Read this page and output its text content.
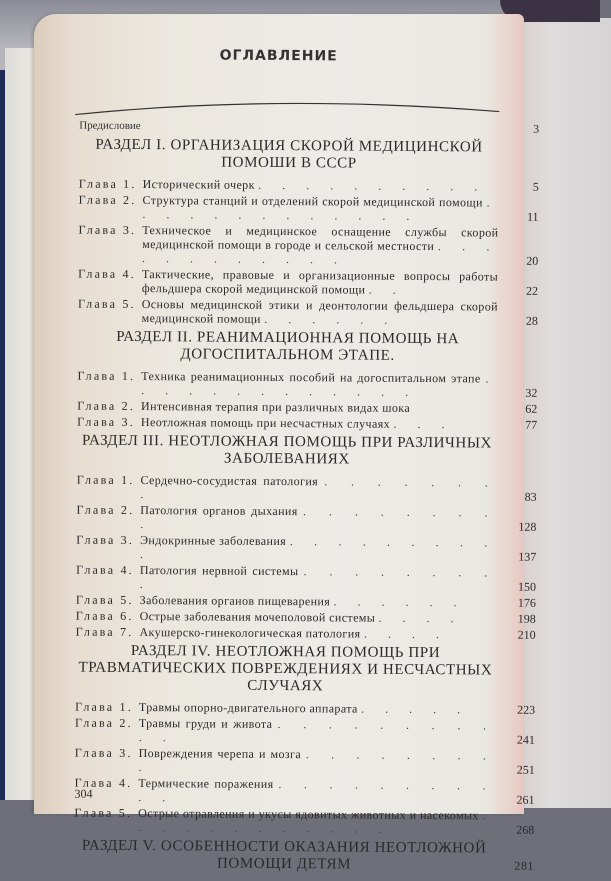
ОГЛАВЛЕНИЕ
Предисловие	3
РАЗДЕЛ I. ОРГАНИЗАЦИЯ СКОРОЙ МЕДИЦИНСКОЙ
ПОМОШИ В СССР
Глава 1. Исторический очерк . . . . . . . . . .	5
Глава 2. Структура станций и отделений скорой медицинской помощи . . . . . . . . . . . . .	11
Глава 3. Техническое и медицинское оснащение службы скорой медицинской помощи в городе и сельской местности . . . . . . . . . . . .	20
Глава 4. Тактические, правовые и организационные вопросы работы фельдшера скорой медицинской помощи . .	22
Глава 5. Основы медицинской этики и деонтологии фельдшера скорой медицинской помощи . . . . . .	28
РАЗДЕЛ II. РЕАНИМАЦИОННАЯ ПОМОЩЬ НА
ДОГОСПИТАЛЬНОМ ЭТАПЕ.
Глава 1. Техника реанимационных пособий на догоспитальном этапе . . . . . . . . . . . . .	32
Глава 2. Интенсивная терапия при различных видах шока	62
Глава 3. Неотложная помощь при несчастных случаях . . .	77
РАЗДЕЛ III. НЕОТЛОЖНАЯ ПОМОЩЬ ПРИ РАЗЛИЧНЫХ
ЗАБОЛЕВАНИЯХ
Глава 1. Сердечно-сосудистая патология . . . . . . . .	83
Глава 2. Патология органов дыхания . . . . . . . . .	128
Глава 3. Эндокринные заболевания . . . . . . . . . .	137
Глава 4. Патология нервной системы . . . . . . . . .	150
Глава 5. Заболевания органов пищеварения . . . . . .	176
Глава 6. Острые заболевания мочеполовой системы . . . .	198
Глава 7. Акушерско-гинекологическая патология . . . .	210
РАЗДЕЛ IV. НЕОТЛОЖНАЯ ПОМОЩЬ ПРИ
ТРАВМАТИЧЕСКИХ ПОВРЕЖДЕНИЯХ И НЕСЧАСТНЫХ
СЛУЧАЯХ
Глава 1. Травмы опорно-двигательного аппарата . . . . .	223
Глава 2. Травмы груди и живота . . . . . . . . . . .	241
Глава 3. Повреждения черепа и мозга . . . . . . . . .	251
Глава 4. Термические поражения . . . . . . . . . . .	261
Глава 5. Острые отравления и укусы ядовитых животных и насекомых . . . . . . . . . . . .	268
РАЗДЕЛ V. ОСОБЕННОСТИ ОКАЗАНИЯ НЕОТЛОЖНОЙ
ПОМОЩИ ДЕТЯМ	281
304
